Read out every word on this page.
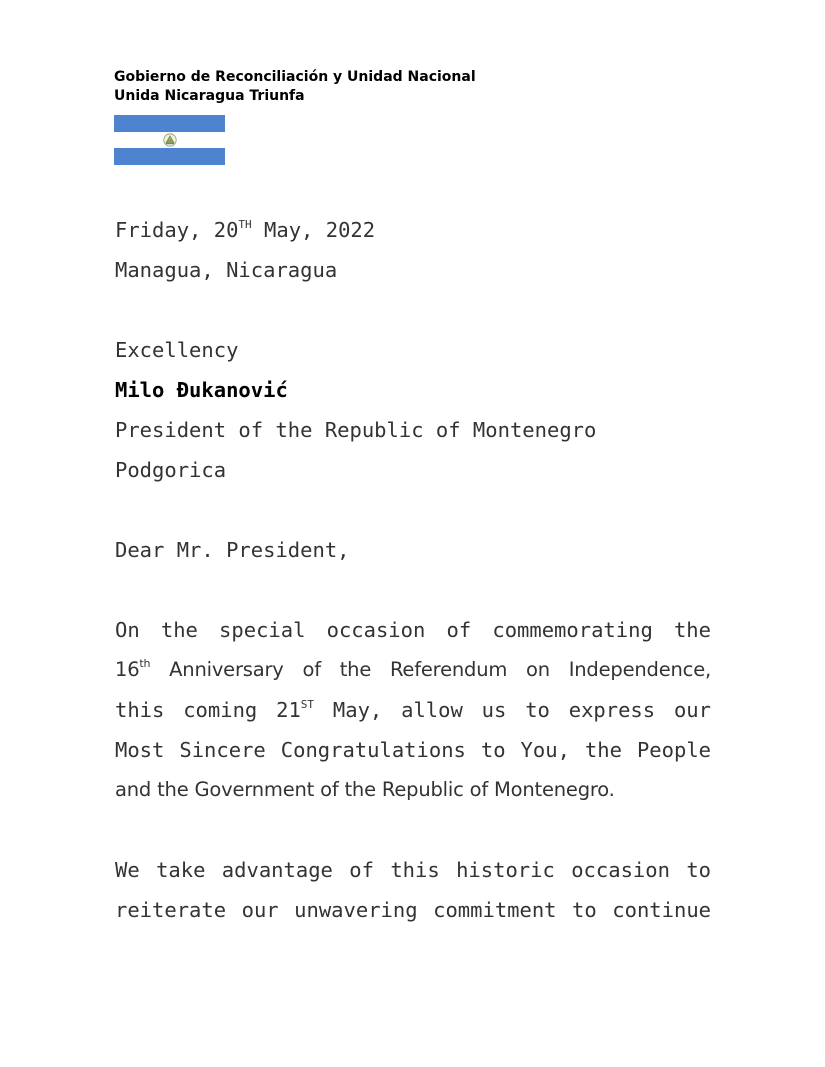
Gobierno de Reconciliación y Unidad Nacional
Unida Nicaragua Triunfa
Friday, 20TH May, 2022
Managua, Nicaragua
Excellency
Milo Đukanović
President of the Republic of Montenegro
Podgorica
Dear Mr. President,
On the special occasion of commemorating the
16th Anniversary of the Referendum on Independence,
this coming 21ST May, allow us to express our
Most Sincere Congratulations to You, the People
and the Government of the Republic of Montenegro.
We take advantage of this historic occasion to
reiterate our unwavering commitment to continue
